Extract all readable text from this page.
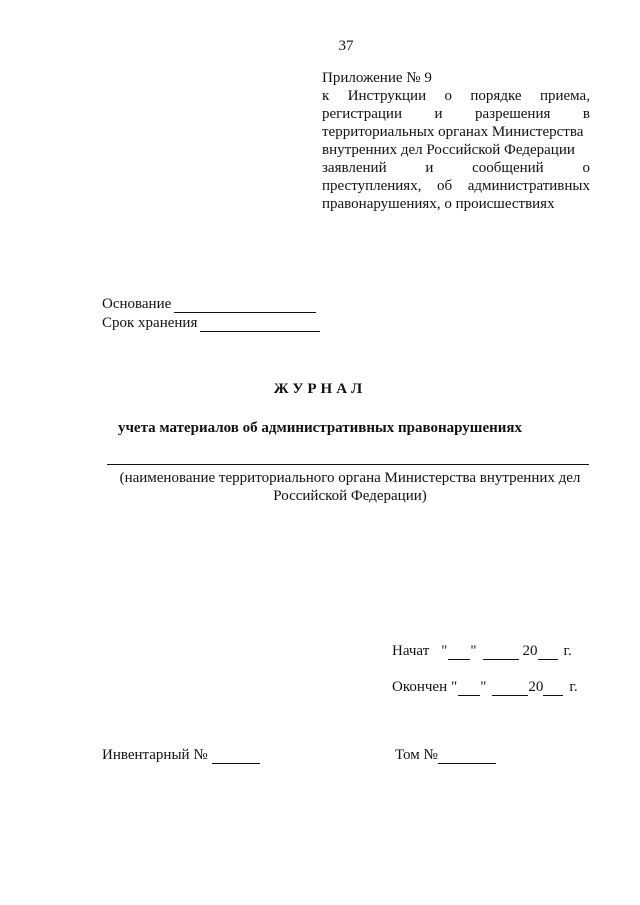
37
Приложение № 9
к Инструкции о порядке приема,
регистрации и разрешения в
территориальных органах Министерства
внутренних дел Российской Федерации
заявлений	и	сообщений	о
преступлениях, об административных
правонарушениях, о происшествиях
Основание
Срок хранения
ЖУРНАЛ
учета материалов об административных правонарушениях
(наименование территориального органа Министерства внутренних дел
Российской Федерации)
Начат " "	20 г.
Окончен " "	20 г.
Инвентарный №	Том №
